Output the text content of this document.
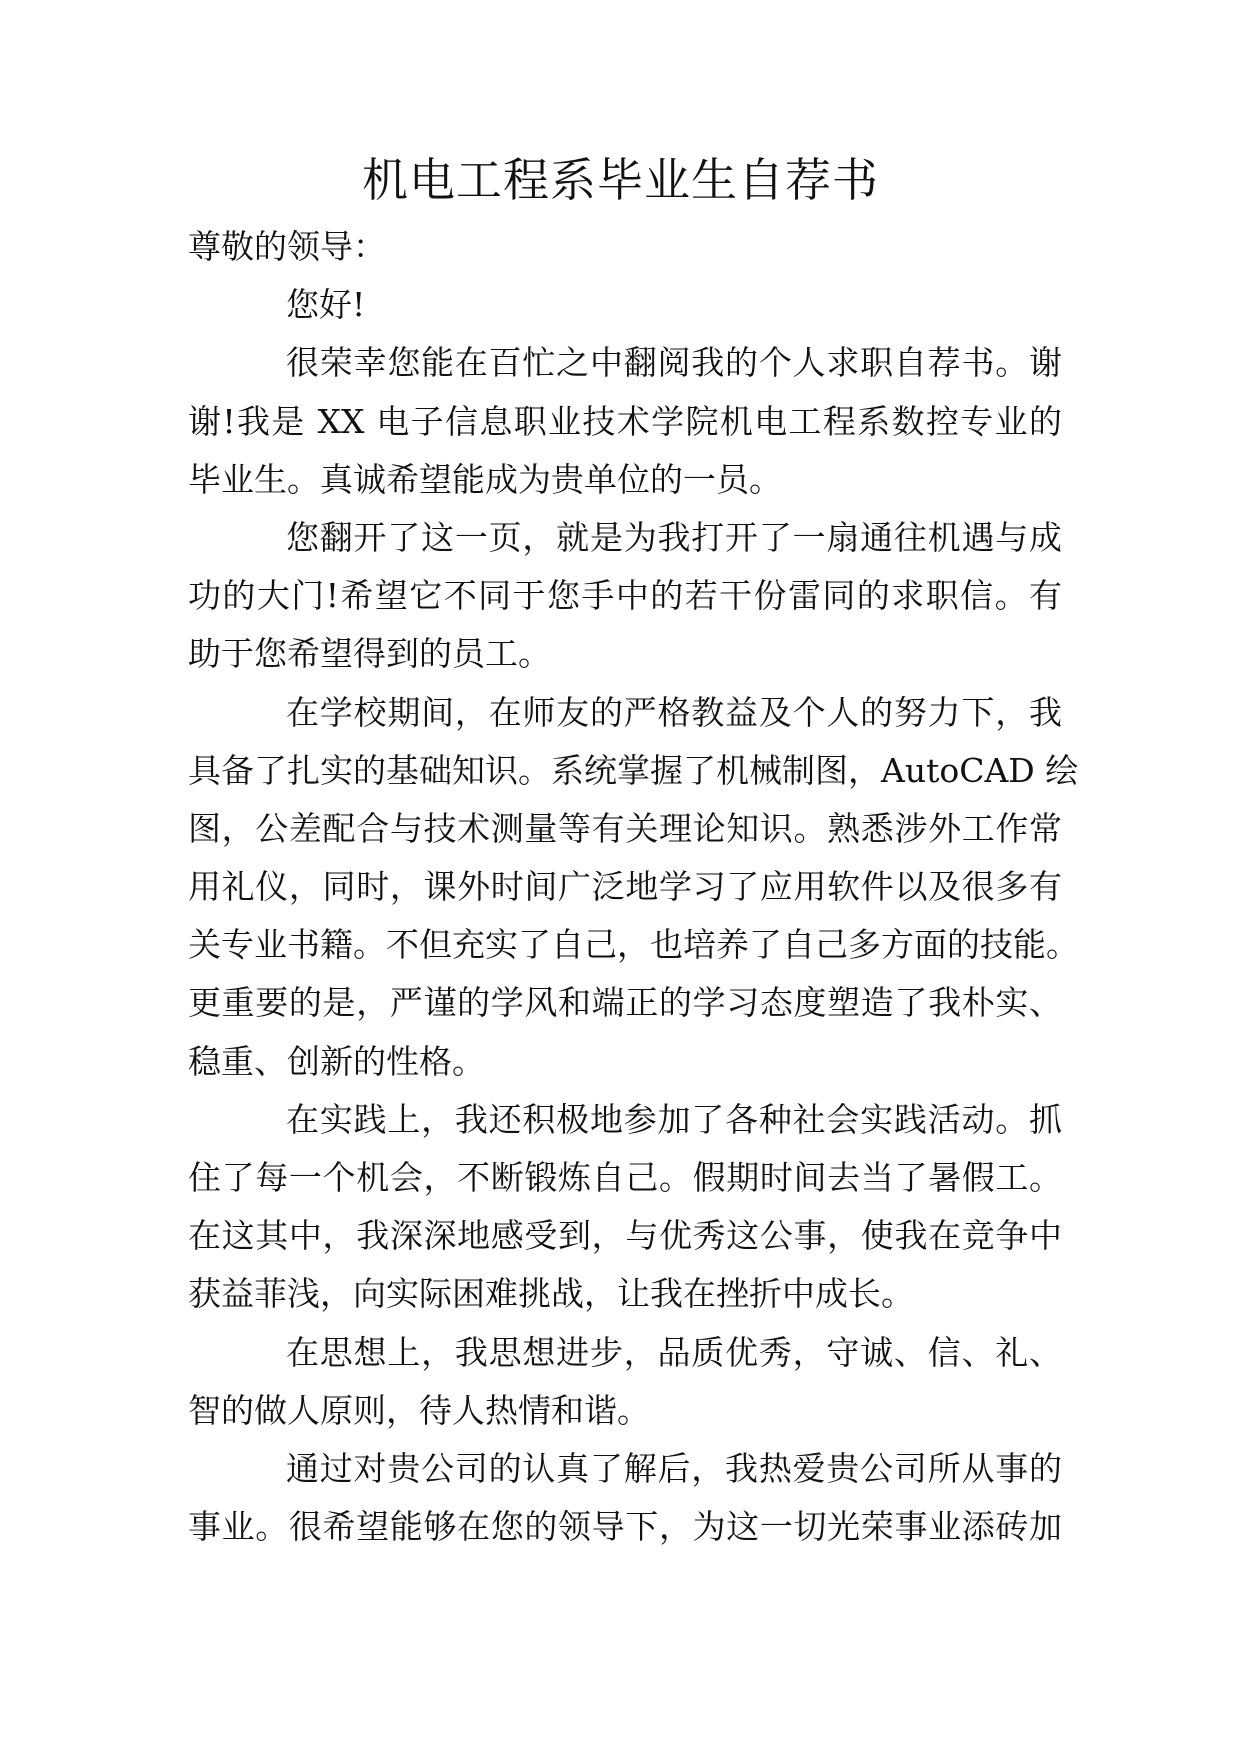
机电工程系毕业生自荐书
尊敬的领导：
您好!
很荣幸您能在百忙之中翻阅我的个人求职自荐书。谢
谢!我是 XX 电子信息职业技术学院机电工程系数控专业的
毕业生。真诚希望能成为贵单位的一员。
您翻开了这一页，就是为我打开了一扇通往机遇与成
功的大门!希望它不同于您手中的若干份雷同的求职信。有
助于您希望得到的员工。
在学校期间，在师友的严格教益及个人的努力下，我
具备了扎实的基础知识。系统掌握了机械制图，AutoCAD 绘
图，公差配合与技术测量等有关理论知识。熟悉涉外工作常
用礼仪，同时，课外时间广泛地学习了应用软件以及很多有
关专业书籍。不但充实了自己，也培养了自己多方面的技能。
更重要的是，严谨的学风和端正的学习态度塑造了我朴实、
稳重、创新的性格。
在实践上，我还积极地参加了各种社会实践活动。抓
住了每一个机会，不断锻炼自己。假期时间去当了暑假工。
在这其中，我深深地感受到，与优秀这公事，使我在竞争中
获益菲浅，向实际困难挑战，让我在挫折中成长。
在思想上，我思想进步，品质优秀，守诚、信、礼、
智的做人原则，待人热情和谐。
通过对贵公司的认真了解后，我热爱贵公司所从事的
事业。很希望能够在您的领导下，为这一切光荣事业添砖加
